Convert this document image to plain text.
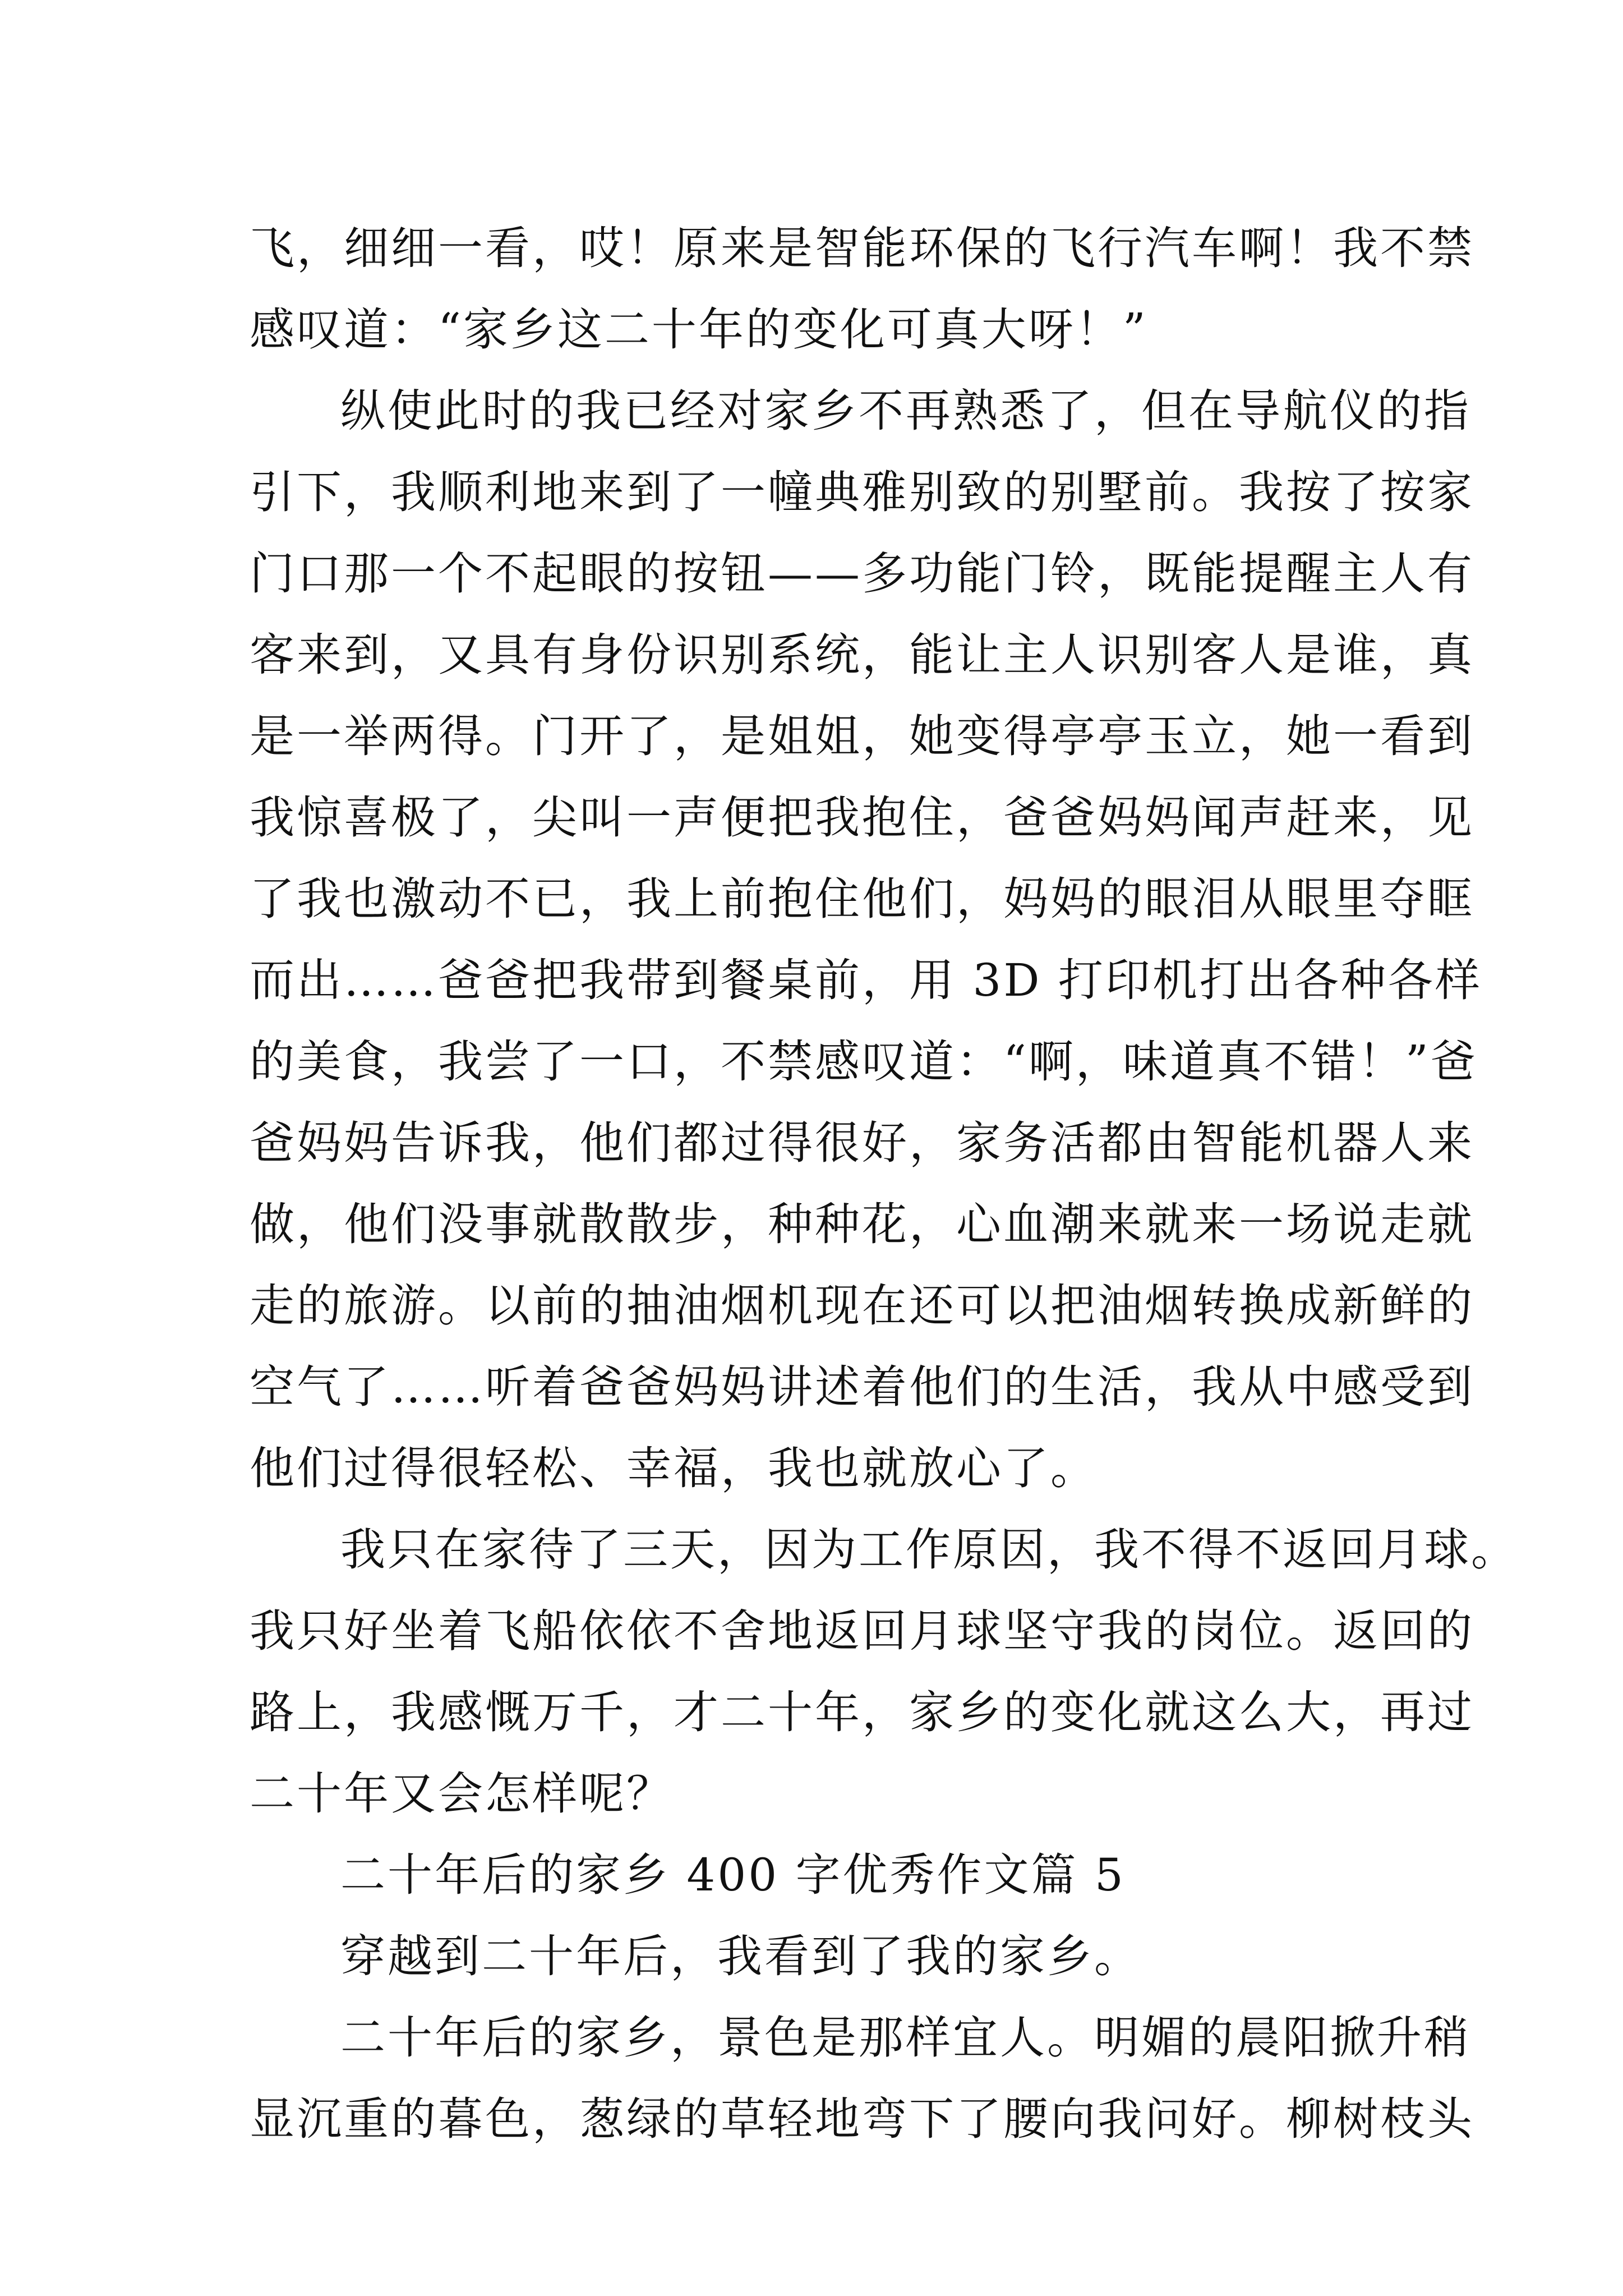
飞，细细一看，哎！原来是智能环保的飞行汽车啊！我不禁
感叹道：“家乡这二十年的变化可真大呀！”
纵使此时的我已经对家乡不再熟悉了，但在导航仪的指
引下，我顺利地来到了一幢典雅别致的别墅前。我按了按家
门口那一个不起眼的按钮——多功能门铃，既能提醒主人有
客来到，又具有身份识别系统，能让主人识别客人是谁，真
是一举两得。门开了，是姐姐，她变得亭亭玉立，她一看到
我惊喜极了，尖叫一声便把我抱住，爸爸妈妈闻声赶来，见
了我也激动不已，我上前抱住他们，妈妈的眼泪从眼里夺眶
而出……爸爸把我带到餐桌前，用 3D 打印机打出各种各样
的美食，我尝了一口，不禁感叹道：“啊，味道真不错！”爸
爸妈妈告诉我，他们都过得很好，家务活都由智能机器人来
做，他们没事就散散步，种种花，心血潮来就来一场说走就
走的旅游。以前的抽油烟机现在还可以把油烟转换成新鲜的
空气了……听着爸爸妈妈讲述着他们的生活，我从中感受到
他们过得很轻松、幸福，我也就放心了。
我只在家待了三天，因为工作原因，我不得不返回月球。
我只好坐着飞船依依不舍地返回月球坚守我的岗位。返回的
路上，我感慨万千，才二十年，家乡的变化就这么大，再过
二十年又会怎样呢？
二十年后的家乡 400 字优秀作文篇 5
穿越到二十年后，我看到了我的家乡。
二十年后的家乡，景色是那样宜人。明媚的晨阳掀升稍
显沉重的暮色，葱绿的草轻地弯下了腰向我问好。柳树枝头
